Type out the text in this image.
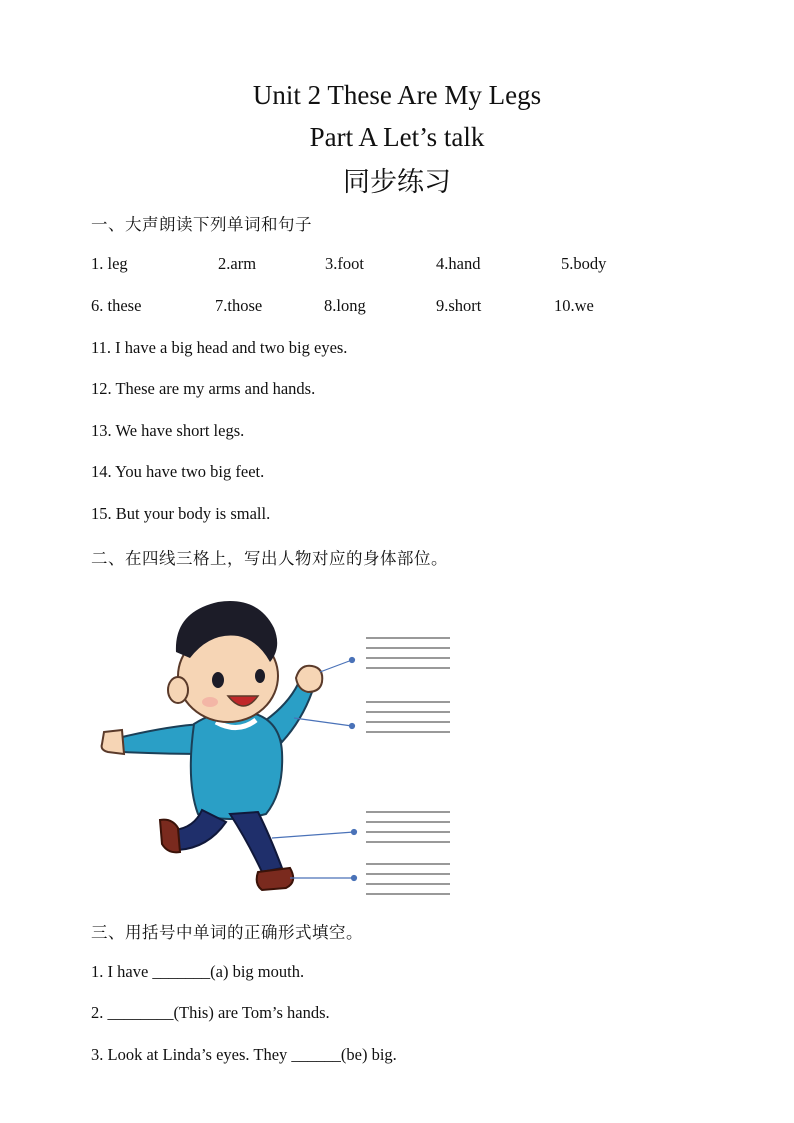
Unit 2 These Are My Legs
Part A Let’s talk
同步练习
一、大声朗读下列单词和句子
1. leg	2.arm	3.foot	4.hand	5.body
6. these	7.those	8.long	9.short	10.we
11. I have a big head and two big eyes.
12. These are my arms and hands.
13. We have short legs.
14. You have two big feet.
15. But your body is small.
二、在四线三格上，写出人物对应的身体部位。
三、用括号中单词的正确形式填空。
1. I have _______(a) big mouth.
2. ________(This) are Tom’s hands.
3. Look at Linda’s eyes. They ______(be) big.
